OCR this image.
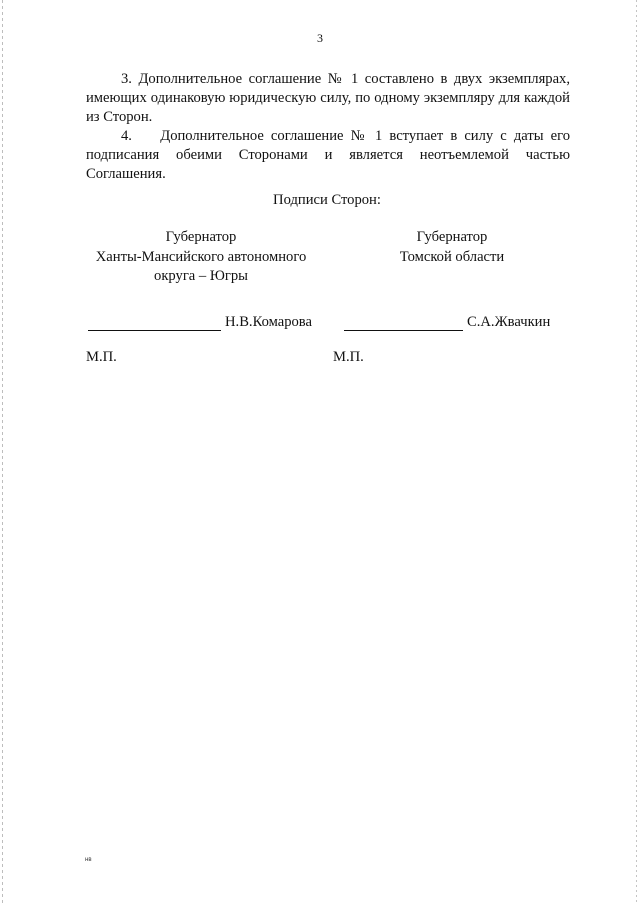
3

3. Дополнительное соглашение № 1 составлено в двух экземплярах, имеющих одинаковую юридическую силу, по одному экземпляру для каждой из Сторон.

4.    Дополнительное соглашение № 1 вступает в силу с даты его подписания обеими Сторонами и является неотъемлемой частью Соглашения.

Подписи Сторон:
Губернатор
Ханты-Мансийского автономного
округа – Югры
Губернатор
Томской области
Н.В.Комарова	С.А.Жвачкин
М.П.	М.П.
нв
